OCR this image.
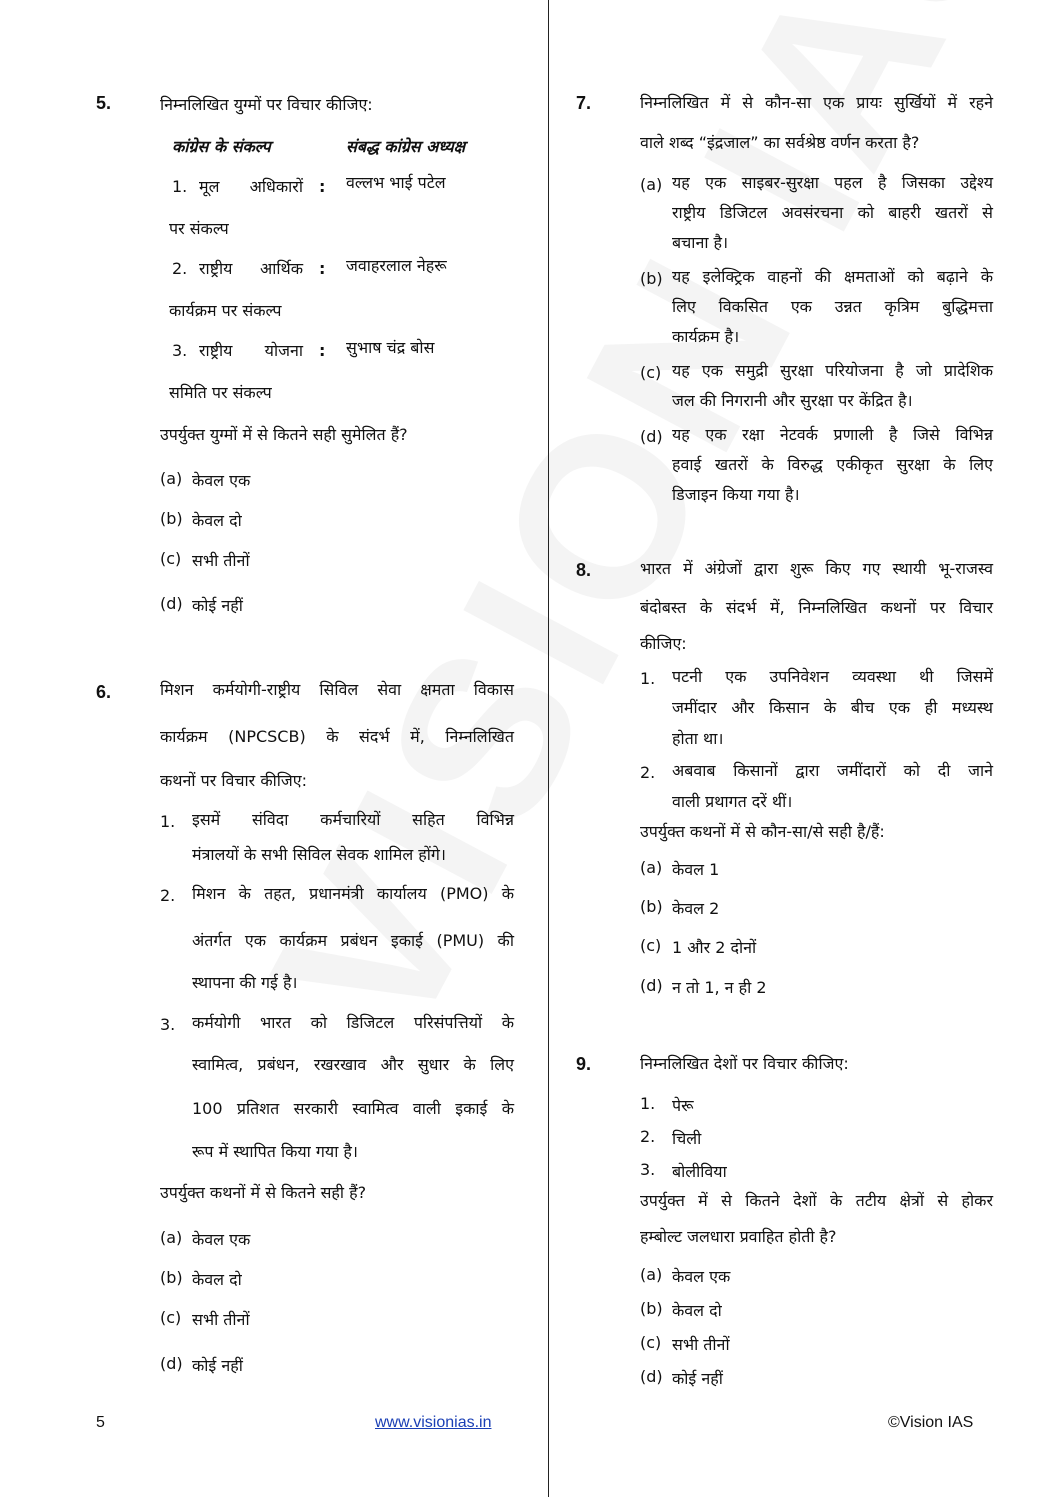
5.	निम्नलिखित युग्मों पर विचार कीजिए:
कांग्रेस के संकल्प	संबद्ध कांग्रेस अध्यक्ष
1. मूल अधिकारों : वल्लभ भाई पटेल
पर संकल्प
2. राष्ट्रीय आर्थिक : जवाहरलाल नेहरू
कार्यक्रम पर संकल्प
3. राष्ट्रीय योजना : सुभाष चंद्र बोस
समिति पर संकल्प
उपर्युक्त युग्मों में से कितने सही सुमेलित हैं?
(a) केवल एक
(b) केवल दो
(c) सभी तीनों
(d) कोई नहीं
6.	मिशन कर्मयोगी-राष्ट्रीय सिविल सेवा क्षमता विकास
कार्यक्रम (NPCSCB) के संदर्भ में, निम्नलिखित
कथनों पर विचार कीजिए:
1. इसमें संविदा कर्मचारियों सहित विभिन्न
मंत्रालयों के सभी सिविल सेवक शामिल होंगे।
2. मिशन के तहत, प्रधानमंत्री कार्यालय (PMO) के
अंतर्गत एक कार्यक्रम प्रबंधन इकाई (PMU) की
स्थापना की गई है।
3. कर्मयोगी भारत को डिजिटल परिसंपत्तियों के
स्वामित्व, प्रबंधन, रखरखाव और सुधार के लिए
100 प्रतिशत सरकारी स्वामित्व वाली इकाई के
रूप में स्थापित किया गया है।
उपर्युक्त कथनों में से कितने सही हैं?
(a) केवल एक
(b) केवल दो
(c) सभी तीनों
(d) कोई नहीं
7.	निम्नलिखित में से कौन-सा एक प्रायः सुर्खियों में रहने
वाले शब्द “इंद्रजाल” का सर्वश्रेष्ठ वर्णन करता है?
(a) यह एक साइबर-सुरक्षा पहल है जिसका उद्देश्य
राष्ट्रीय डिजिटल अवसंरचना को बाहरी खतरों से
बचाना है।
(b) यह इलेक्ट्रिक वाहनों की क्षमताओं को बढ़ाने के
लिए विकसित एक उन्नत कृत्रिम बुद्धिमत्ता
कार्यक्रम है।
(c) यह एक समुद्री सुरक्षा परियोजना है जो प्रादेशिक
जल की निगरानी और सुरक्षा पर केंद्रित है।
(d) यह एक रक्षा नेटवर्क प्रणाली है जिसे विभिन्न
हवाई खतरों के विरुद्ध एकीकृत सुरक्षा के लिए
डिजाइन किया गया है।
8.	भारत में अंग्रेजों द्वारा शुरू किए गए स्थायी भू-राजस्व
बंदोबस्त के संदर्भ में, निम्नलिखित कथनों पर विचार
कीजिए:
1. पटनी एक उपनिवेशन व्यवस्था थी जिसमें
जमींदार और किसान के बीच एक ही मध्यस्थ
होता था।
2. अबवाब किसानों द्वारा जमींदारों को दी जाने
वाली प्रथागत दरें थीं।
उपर्युक्त कथनों में से कौन-सा/से सही है/हैं:
(a) केवल 1
(b) केवल 2
(c) 1 और 2 दोनों
(d) न तो 1, न ही 2
9.	निम्नलिखित देशों पर विचार कीजिए:
1. पेरू
2. चिली
3. बोलीविया
उपर्युक्त में से कितने देशों के तटीय क्षेत्रों से होकर
हम्बोल्ट जलधारा प्रवाहित होती है?
(a) केवल एक
(b) केवल दो
(c) सभी तीनों
(d) कोई नहीं
5	www.visionias.in	©Vision IAS
